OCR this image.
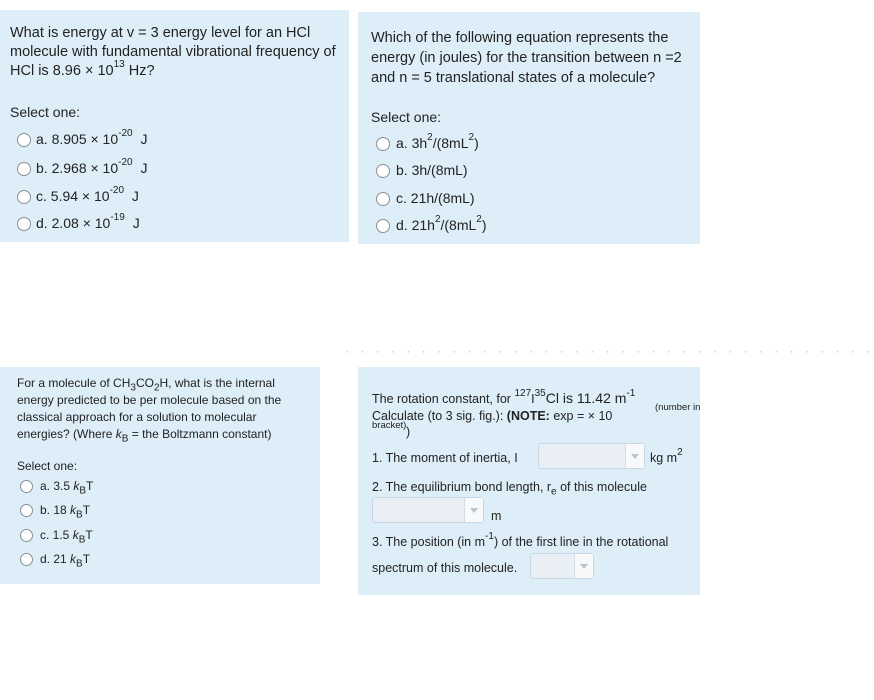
What is energy at v = 3 energy level for an HCl
molecule with fundamental vibrational frequency of
HCl is $8.96 \times 10^{13}$ Hz?
Select one:
a. $8.905 \times 10^{-20}$ J
b. $2.968 \times 10^{-20}$ J
c. $5.94 \times 10^{-20}$ J
d. $2.08 \times 10^{-19}$ J
Which of the following equation represents the
energy (in joules) for the transition between n =2
and n = 5 translational states of a molecule?
Select one:
a. $3h^2/(8mL^2)$
b. 3h/(8mL)
c. 21h/(8mL)
d. $21h^2/(8mL^2)$
· · · · · · · · · · · · · · · · · · · · · · · · · · · · · · · · · · ·
For a molecule of $CH_3CO_2H$, what is the internal
energy predicted to be per molecule based on the
classical approach for a solution to molecular
energies? (Where $k_B$ = the Boltzmann constant)
Select one:
a. 3.5 $k_BT$
b. 18 $k_BT$
c. 1.5 $k_BT$
d. 21 $k_BT$
The rotation constant, for $^{127}I^{35}Cl$ is 11.42 $m^{-1}$
(number in
Calculate (to 3 sig. fig.): (NOTE: exp = × 10
bracket) )
1. The moment of inertia, I	kg $m^2$
2. The equilibrium bond length, $r_e$ of this molecule
m
3. The position (in $m^{-1}$) of the first line in the rotational
spectrum of this molecule.
